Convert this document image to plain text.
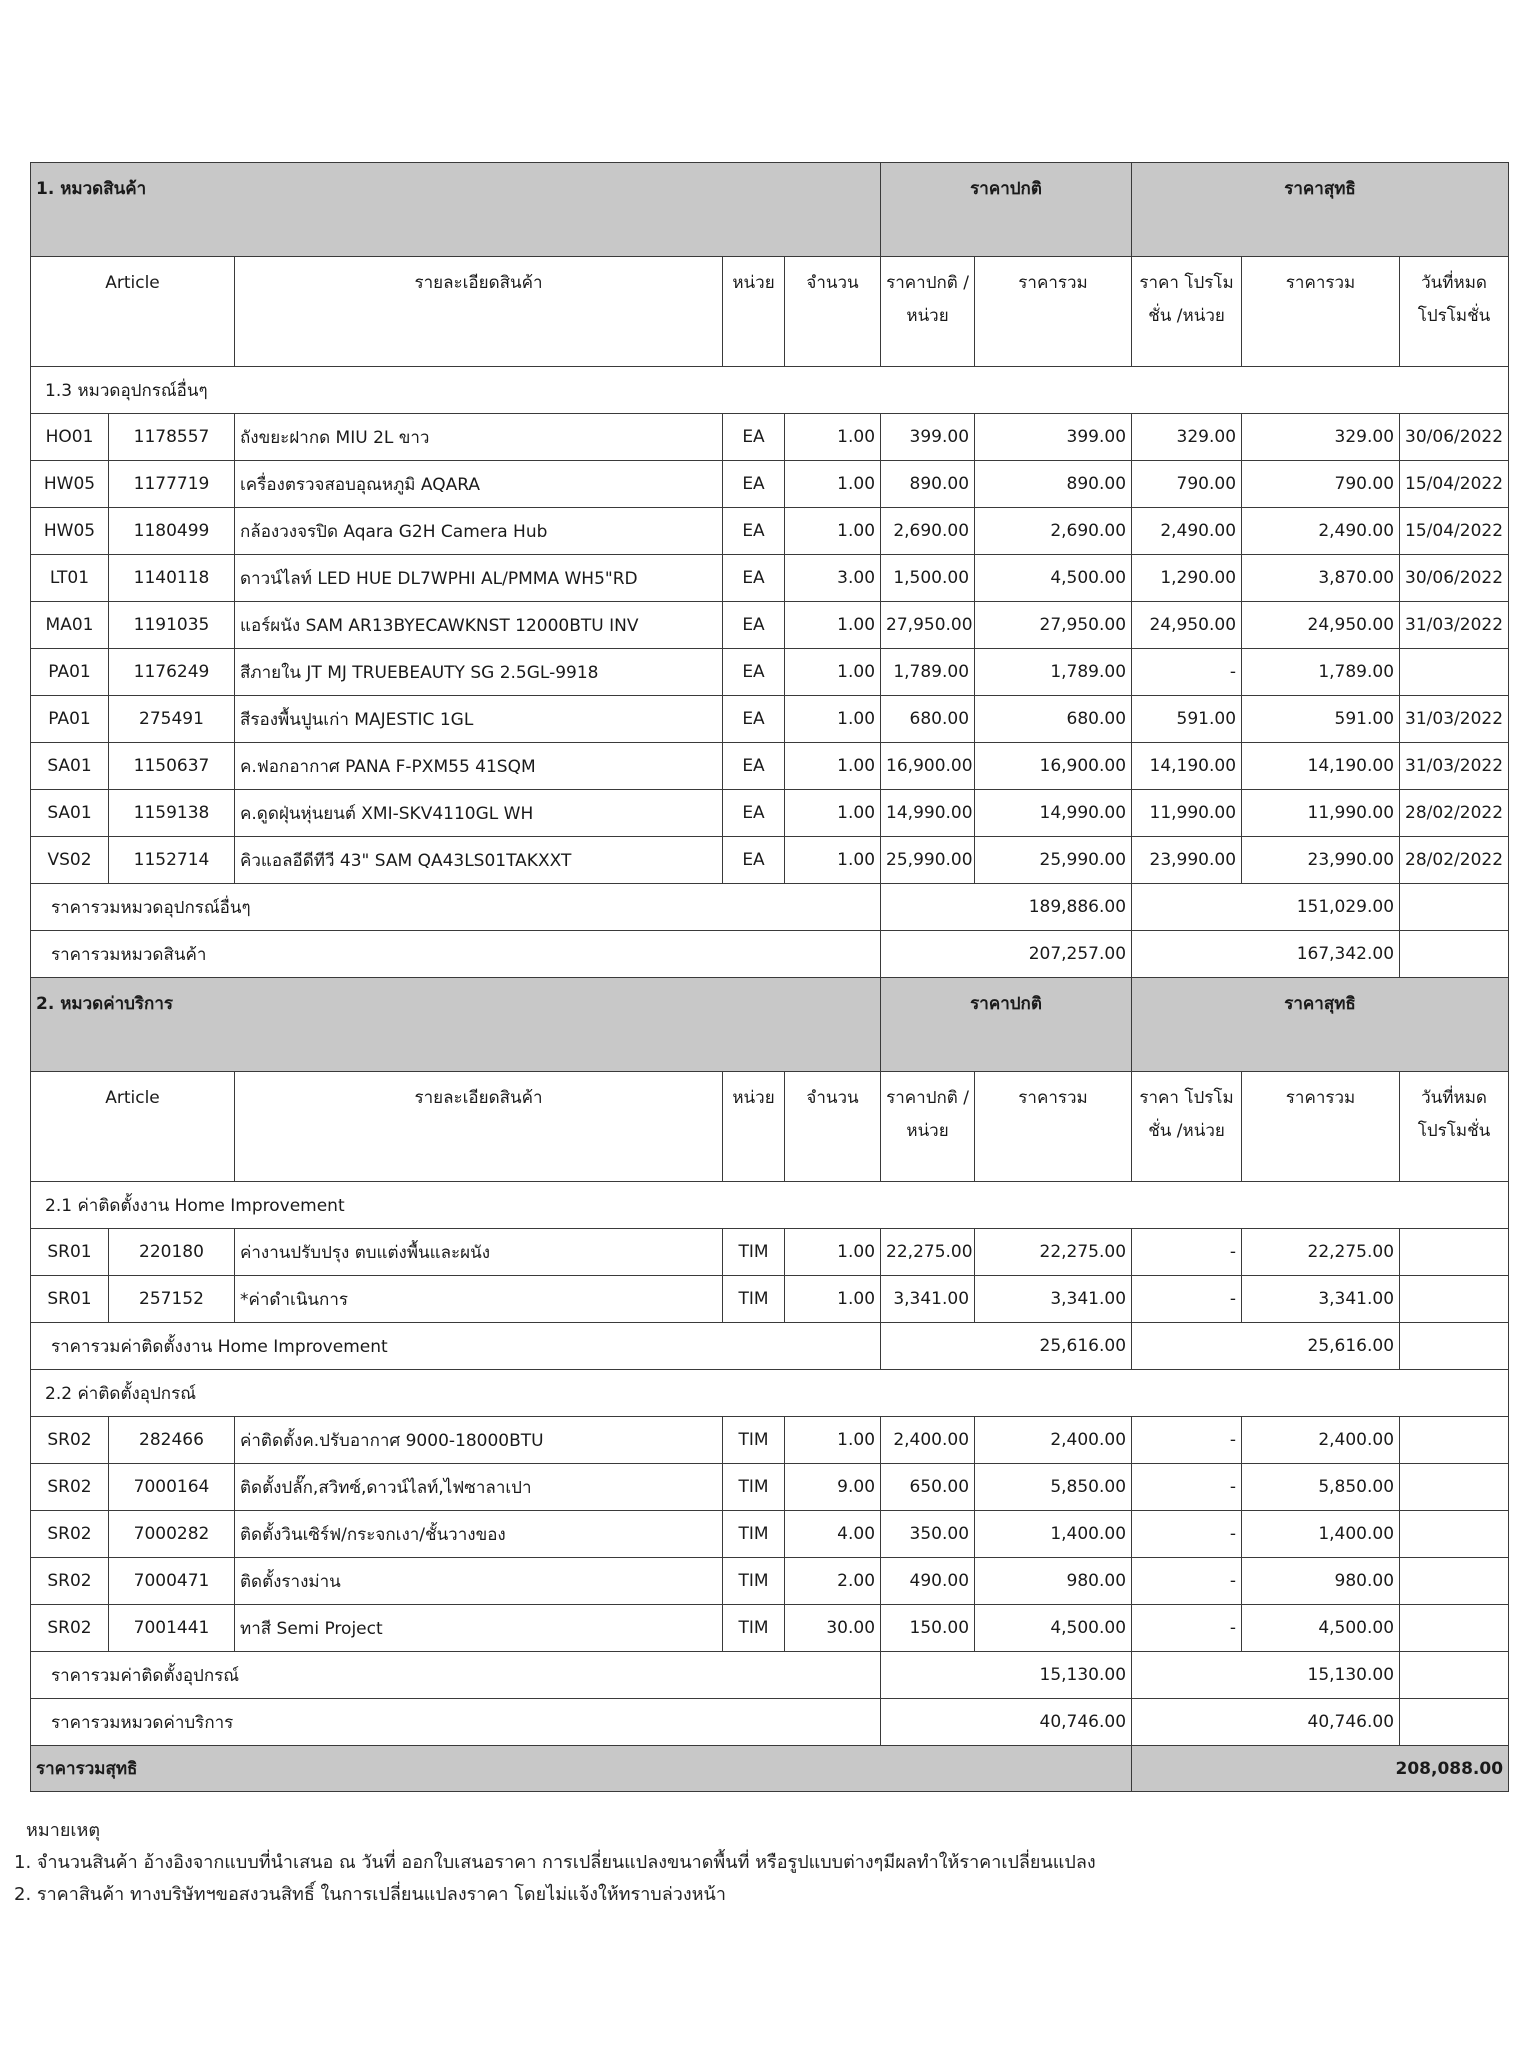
1. หมวดสินค้า					ราคาปกติ		ราคาสุทธิ		
Article		รายละเอียดสินค้า	หน่วย	จำนวน	ราคาปกติ /หน่วย	ราคารวม	ราคา โปรโมชั่น /หน่วย	ราคารวม	วันที่หมด โปรโมชั่น
1.3 หมวดอุปกรณ์อื่นๆ									
HO01	1178557	ถังขยะฝากด MIU 2L ขาว	EA	1.00	399.00	399.00	329.00	329.00	30/06/2022
HW05	1177719	เครื่องตรวจสอบอุณหภูมิ AQARA	EA	1.00	890.00	890.00	790.00	790.00	15/04/2022
HW05	1180499	กล้องวงจรปิด Aqara G2H Camera Hub	EA	1.00	2,690.00	2,690.00	2,490.00	2,490.00	15/04/2022
LT01	1140118	ดาวน์ไลท์ LED HUE DL7WPHI AL/PMMA WH5"RD	EA	3.00	1,500.00	4,500.00	1,290.00	3,870.00	30/06/2022
MA01	1191035	แอร์ผนัง SAM AR13BYECAWKNST 12000BTU INV	EA	1.00	27,950.00	27,950.00	24,950.00	24,950.00	31/03/2022
PA01	1176249	สีภายใน JT MJ TRUEBEAUTY SG 2.5GL-9918	EA	1.00	1,789.00	1,789.00	-	1,789.00	
PA01	275491	สีรองพื้นปูนเก่า MAJESTIC 1GL	EA	1.00	680.00	680.00	591.00	591.00	31/03/2022
SA01	1150637	ค.ฟอกอากาศ PANA F-PXM55 41SQM	EA	1.00	16,900.00	16,900.00	14,190.00	14,190.00	31/03/2022
SA01	1159138	ค.ดูดฝุ่นหุ่นยนต์ XMI-SKV4110GL WH	EA	1.00	14,990.00	14,990.00	11,990.00	11,990.00	28/02/2022
VS02	1152714	คิวแอลอีดีทีวี 43" SAM QA43LS01TAKXXT	EA	1.00	25,990.00	25,990.00	23,990.00	23,990.00	28/02/2022
ราคารวมหมวดอุปกรณ์อื่นๆ					189,886.00		151,029.00		
ราคารวมหมวดสินค้า					207,257.00		167,342.00		
2. หมวดค่าบริการ					ราคาปกติ		ราคาสุทธิ		
Article		รายละเอียดสินค้า	หน่วย	จำนวน	ราคาปกติ /หน่วย	ราคารวม	ราคา โปรโมชั่น /หน่วย	ราคารวม	วันที่หมด โปรโมชั่น
2.1 ค่าติดตั้งงาน Home Improvement									
SR01	220180	ค่างานปรับปรุง ตบแต่งพื้นและผนัง	TIM	1.00	22,275.00	22,275.00	-	22,275.00	
SR01	257152	*ค่าดำเนินการ	TIM	1.00	3,341.00	3,341.00	-	3,341.00	
ราคารวมค่าติดตั้งงาน Home Improvement					25,616.00		25,616.00		
2.2 ค่าติดตั้งอุปกรณ์									
SR02	282466	ค่าติดตั้งค.ปรับอากาศ 9000-18000BTU	TIM	1.00	2,400.00	2,400.00	-	2,400.00	
SR02	7000164	ติดตั้งปลั๊ก,สวิทซ์,ดาวน์ไลท์,ไฟซาลาเปา	TIM	9.00	650.00	5,850.00	-	5,850.00	
SR02	7000282	ติดตั้งวินเซิร์ฟ/กระจกเงา/ชั้นวางของ	TIM	4.00	350.00	1,400.00	-	1,400.00	
SR02	7000471	ติดตั้งรางม่าน	TIM	2.00	490.00	980.00	-	980.00	
SR02	7001441	ทาสี Semi Project	TIM	30.00	150.00	4,500.00	-	4,500.00	
ราคารวมค่าติดตั้งอุปกรณ์					15,130.00		15,130.00		
ราคารวมหมวดค่าบริการ					40,746.00		40,746.00		
ราคารวมสุทธิ							208,088.00		
หมายเหตุ
1. จำนวนสินค้า อ้างอิงจากแบบที่นำเสนอ ณ วันที่ ออกใบเสนอราคา การเปลี่ยนแปลงขนาดพื้นที่ หรือรูปแบบต่างๆมีผลทำให้ราคาเปลี่ยนแปลง
2. ราคาสินค้า ทางบริษัทฯขอสงวนสิทธิ์ ในการเปลี่ยนแปลงราคา โดยไม่แจ้งให้ทราบล่วงหน้า
